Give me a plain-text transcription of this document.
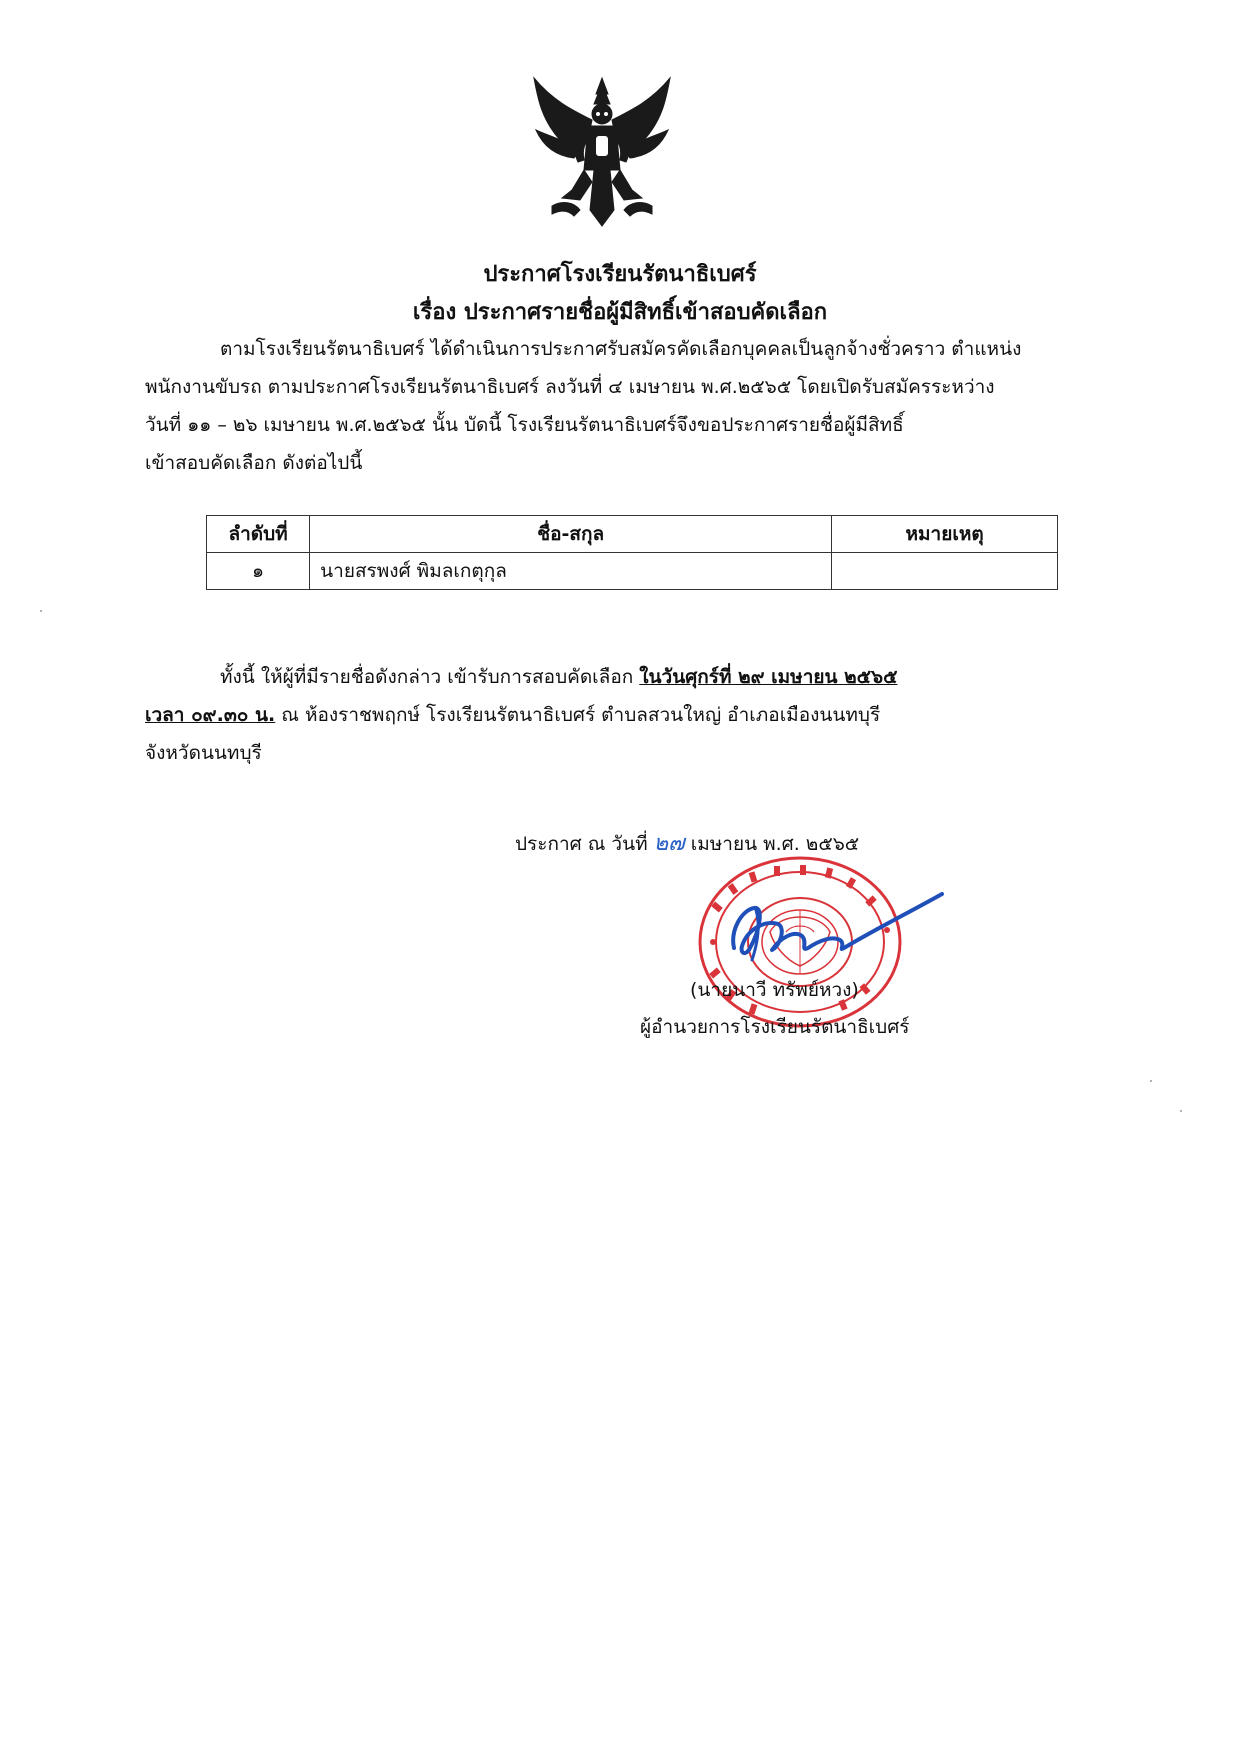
ประกาศโรงเรียนรัตนาธิเบศร์
เรื่อง ประกาศรายชื่อผู้มีสิทธิ์เข้าสอบคัดเลือก
ตามโรงเรียนรัตนาธิเบศร์ ได้ดำเนินการประกาศรับสมัครคัดเลือกบุคคลเป็นลูกจ้างชั่วคราว ตำแหน่ง
พนักงานขับรถ ตามประกาศโรงเรียนรัตนาธิเบศร์ ลงวันที่ ๔ เมษายน พ.ศ.๒๕๖๕ โดยเปิดรับสมัครระหว่าง
วันที่ ๑๑ – ๒๖ เมษายน พ.ศ.๒๕๖๕ นั้น บัดนี้ โรงเรียนรัตนาธิเบศร์จึงขอประกาศรายชื่อผู้มีสิทธิ์
เข้าสอบคัดเลือก ดังต่อไปนี้
ลำดับที่	ชื่อ-สกุล	หมายเหตุ
๑	นายสรพงศ์ พิมลเกตุกุล	
ทั้งนี้ ให้ผู้ที่มีรายชื่อดังกล่าว เข้ารับการสอบคัดเลือก ในวันศุกร์ที่ ๒๙ เมษายน ๒๕๖๕
เวลา ๐๙.๓๐ น. ณ ห้องราชพฤกษ์ โรงเรียนรัตนาธิเบศร์ ตำบลสวนใหญ่ อำเภอเมืองนนทบุรี
จังหวัดนนทบุรี
ประกาศ ณ วันที่ ๒๗ เมษายน พ.ศ. ๒๕๖๕
(นายนาวี ทรัพย์หวง)
ผู้อำนวยการโรงเรียนรัตนาธิเบศร์
